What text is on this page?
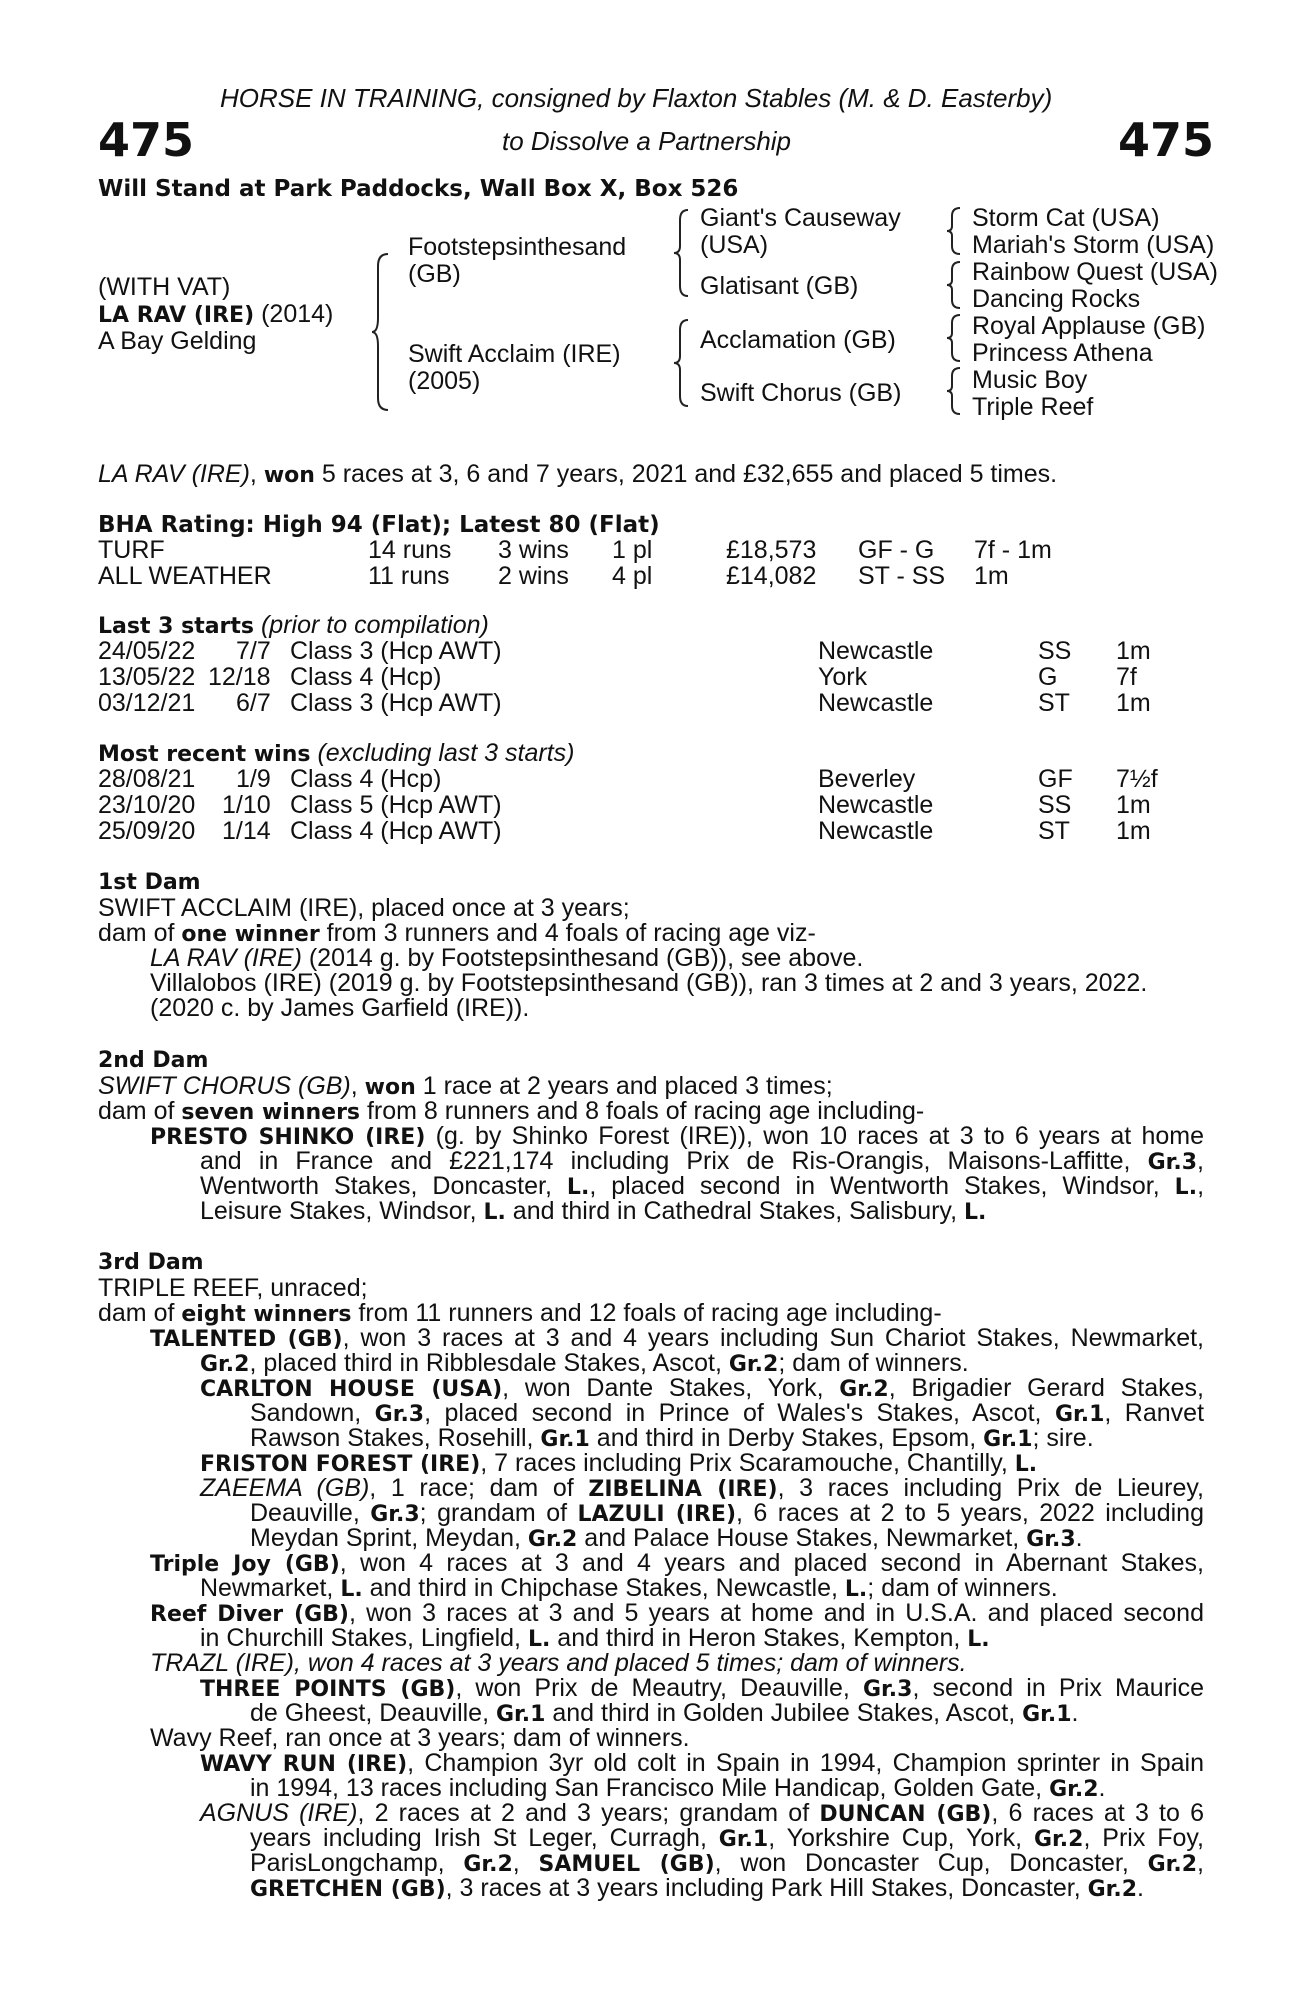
HORSE IN TRAINING, consigned by Flaxton Stables (M. & D. Easterby)
475	to Dissolve a Partnership	475
Will Stand at Park Paddocks, Wall Box X, Box 526
(WITH VAT)
LA RAV (IRE) (2014)
A Bay Gelding
Footstepsinthesand
(GB)
Swift Acclaim (IRE)
(2005)
Giant's Causeway
(USA)
Glatisant (GB)
Acclamation (GB)
Swift Chorus (GB)
Storm Cat (USA)
Mariah's Storm (USA)
Rainbow Quest (USA)
Dancing Rocks
Royal Applause (GB)
Princess Athena
Music Boy
Triple Reef
LA RAV (IRE), won 5 races at 3, 6 and 7 years, 2021 and £32,655 and placed 5 times.
BHA Rating: High 94 (Flat); Latest 80 (Flat)
TURF	14 runs 3 wins 1 pl	£18,573 GF - G 7f - 1m
ALL WEATHER	11 runs 2 wins 4 pl	£14,082 ST - SS 1m
Last 3 starts (prior to compilation)
24/05/22 7/7 Class 3 (Hcp AWT)	Newcastle	SS 1m
13/05/22 12/18 Class 4 (Hcp)	York	G 7f
03/12/21 6/7 Class 3 (Hcp AWT)	Newcastle	ST 1m
Most recent wins (excluding last 3 starts)
28/08/21 1/9 Class 4 (Hcp)	Beverley	GF 7½f
23/10/20 1/10 Class 5 (Hcp AWT)	Newcastle	SS 1m
25/09/20 1/14 Class 4 (Hcp AWT)	Newcastle	ST 1m
1st Dam
SWIFT ACCLAIM (IRE), placed once at 3 years;
dam of one winner from 3 runners and 4 foals of racing age viz-
LA RAV (IRE) (2014 g. by Footstepsinthesand (GB)), see above.
Villalobos (IRE) (2019 g. by Footstepsinthesand (GB)), ran 3 times at 2 and 3 years, 2022.
(2020 c. by James Garfield (IRE)).
2nd Dam
SWIFT CHORUS (GB), won 1 race at 2 years and placed 3 times;
dam of seven winners from 8 runners and 8 foals of racing age including-
PRESTO SHINKO (IRE) (g. by Shinko Forest (IRE)), won 10 races at 3 to 6 years at home
and in France and £221,174 including Prix de Ris-Orangis, Maisons-Laffitte, Gr.3,
Wentworth Stakes, Doncaster, L., placed second in Wentworth Stakes, Windsor, L.,
Leisure Stakes, Windsor, L. and third in Cathedral Stakes, Salisbury, L.
3rd Dam
TRIPLE REEF, unraced;
dam of eight winners from 11 runners and 12 foals of racing age including-
TALENTED (GB), won 3 races at 3 and 4 years including Sun Chariot Stakes, Newmarket,
Gr.2, placed third in Ribblesdale Stakes, Ascot, Gr.2; dam of winners.
CARLTON HOUSE (USA), won Dante Stakes, York, Gr.2, Brigadier Gerard Stakes,
Sandown, Gr.3, placed second in Prince of Wales's Stakes, Ascot, Gr.1, Ranvet
Rawson Stakes, Rosehill, Gr.1 and third in Derby Stakes, Epsom, Gr.1; sire.
FRISTON FOREST (IRE), 7 races including Prix Scaramouche, Chantilly, L.
ZAEEMA (GB), 1 race; dam of ZIBELINA (IRE), 3 races including Prix de Lieurey,
Deauville, Gr.3; grandam of LAZULI (IRE), 6 races at 2 to 5 years, 2022 including
Meydan Sprint, Meydan, Gr.2 and Palace House Stakes, Newmarket, Gr.3.
Triple Joy (GB), won 4 races at 3 and 4 years and placed second in Abernant Stakes,
Newmarket, L. and third in Chipchase Stakes, Newcastle, L.; dam of winners.
Reef Diver (GB), won 3 races at 3 and 5 years at home and in U.S.A. and placed second
in Churchill Stakes, Lingfield, L. and third in Heron Stakes, Kempton, L.
TRAZL (IRE), won 4 races at 3 years and placed 5 times; dam of winners.
THREE POINTS (GB), won Prix de Meautry, Deauville, Gr.3, second in Prix Maurice
de Gheest, Deauville, Gr.1 and third in Golden Jubilee Stakes, Ascot, Gr.1.
Wavy Reef, ran once at 3 years; dam of winners.
WAVY RUN (IRE), Champion 3yr old colt in Spain in 1994, Champion sprinter in Spain
in 1994, 13 races including San Francisco Mile Handicap, Golden Gate, Gr.2.
AGNUS (IRE), 2 races at 2 and 3 years; grandam of DUNCAN (GB), 6 races at 3 to 6
years including Irish St Leger, Curragh, Gr.1, Yorkshire Cup, York, Gr.2, Prix Foy,
ParisLongchamp, Gr.2, SAMUEL (GB), won Doncaster Cup, Doncaster, Gr.2,
GRETCHEN (GB), 3 races at 3 years including Park Hill Stakes, Doncaster, Gr.2.
